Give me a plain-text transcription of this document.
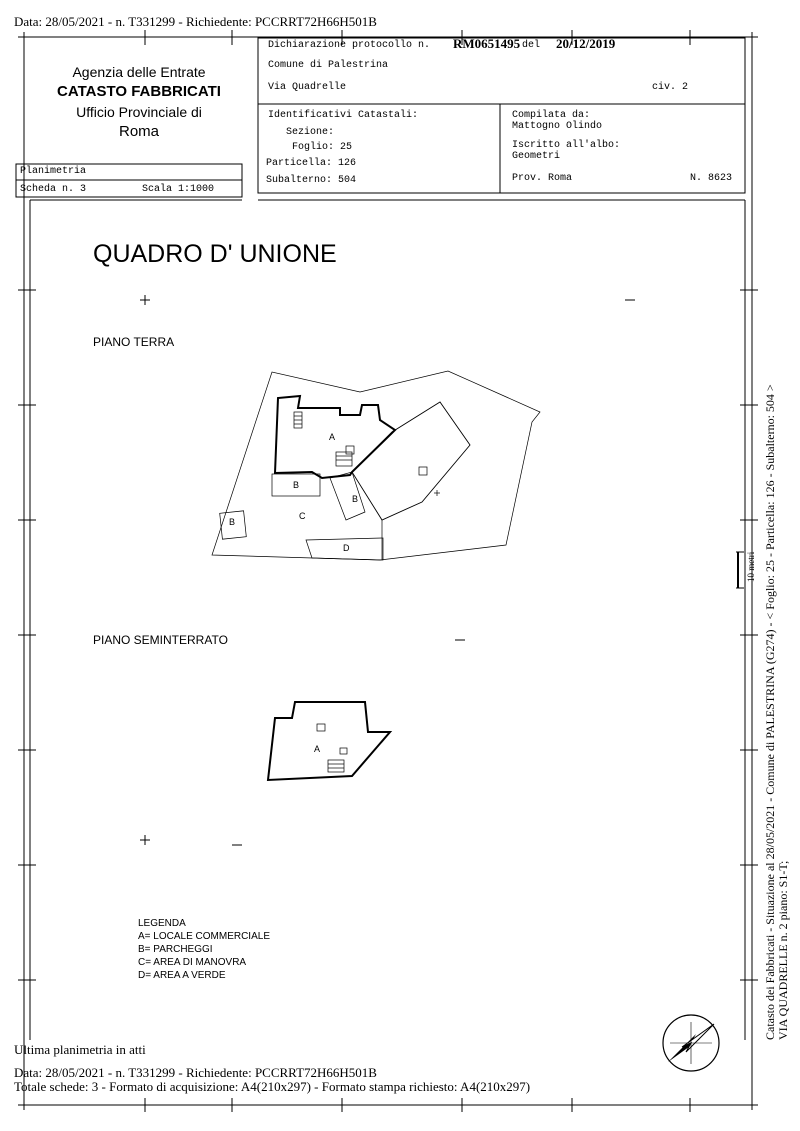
Data: 28/05/2021 - n. T331299 - Richiedente: PCCRRT72H66H501B
Agenzia delle Entrate
CATASTO FABBRICATI
Ufficio Provinciale di
Roma
Planimetria
Scheda n. 3	Scala 1:1000
Dichiarazione protocollo n. RM0651495 del 20/12/2019
Comune di Palestrina
Via Quadrelle	civ. 2
Identificativi Catastali:
Sezione:
Foglio: 25
Particella: 126
Subalterno: 504
Compilata da:
Mattogno Olindo
Iscritto all'albo:
Geometri
Prov. Roma	N. 8623
QUADRO D' UNIONE
PIANO TERRA
PIANO SEMINTERRATO
A
B
B
B
C
D
A
LEGENDA
A= LOCALE COMMERCIALE
B= PARCHEGGI
C= AREA DI MANOVRA
D= AREA A VERDE
10 metri Catasto dei Fabbricati - Situazione al 28/05/2021 - Comune di PALESTRINA (G274) - < Foglio: 25 - Particella: 126 - Subalterno: 504 > VIA QUADRELLE n. 2 piano: S1-T;
Ultima planimetria in atti
Data: 28/05/2021 - n. T331299 - Richiedente: PCCRRT72H66H501B
Totale schede: 3 - Formato di acquisizione: A4(210x297) - Formato stampa richiesto: A4(210x297)
